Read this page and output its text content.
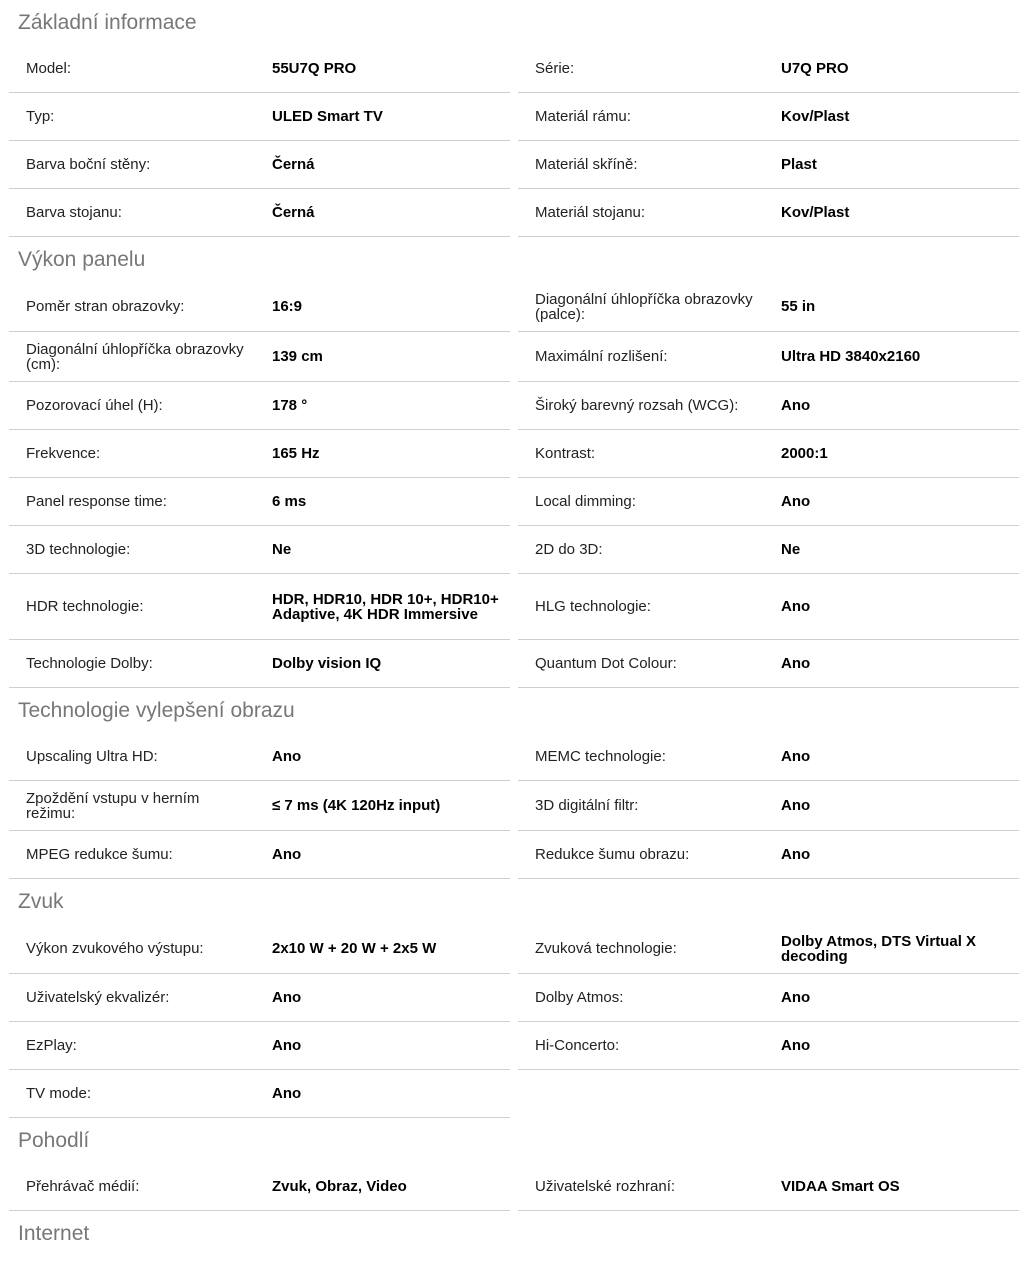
Základní informace
Model:	55U7Q PRO	Série:	U7Q PRO
Typ:	ULED Smart TV	Materiál rámu:	Kov/Plast
Barva boční stěny:	Černá	Materiál skříně:	Plast
Barva stojanu:	Černá	Materiál stojanu:	Kov/Plast
Výkon panelu
Poměr stran obrazovky:	16:9	Diagonální úhlopříčka obrazovky (palce):	55 in
Diagonální úhlopříčka obrazovky (cm):	139 cm	Maximální rozlišení:	Ultra HD 3840x2160
Pozorovací úhel (H):	178 °	Široký barevný rozsah (WCG):	Ano
Frekvence:	165 Hz	Kontrast:	2000:1
Panel response time:	6 ms	Local dimming:	Ano
3D technologie:	Ne	2D do 3D:	Ne
HDR technologie:	HDR, HDR10, HDR 10+, HDR10+ Adaptive, 4K HDR Immersive	HLG technologie:	Ano
Technologie Dolby:	Dolby vision IQ	Quantum Dot Colour:	Ano
Technologie vylepšení obrazu
Upscaling Ultra HD:	Ano	MEMC technologie:	Ano
Zpoždění vstupu v herním režimu:	≤ 7 ms (4K 120Hz input)	3D digitální filtr:	Ano
MPEG redukce šumu:	Ano	Redukce šumu obrazu:	Ano
Zvuk
Výkon zvukového výstupu:	2x10 W + 20 W + 2x5 W	Zvuková technologie:	Dolby Atmos, DTS Virtual X decoding
Uživatelský ekvalizér:	Ano	Dolby Atmos:	Ano
EzPlay:	Ano	Hi-Concerto:	Ano
TV mode:	Ano
Pohodlí
Přehrávač médií:	Zvuk, Obraz, Video	Uživatelské rozhraní:	VIDAA Smart OS
Internet
